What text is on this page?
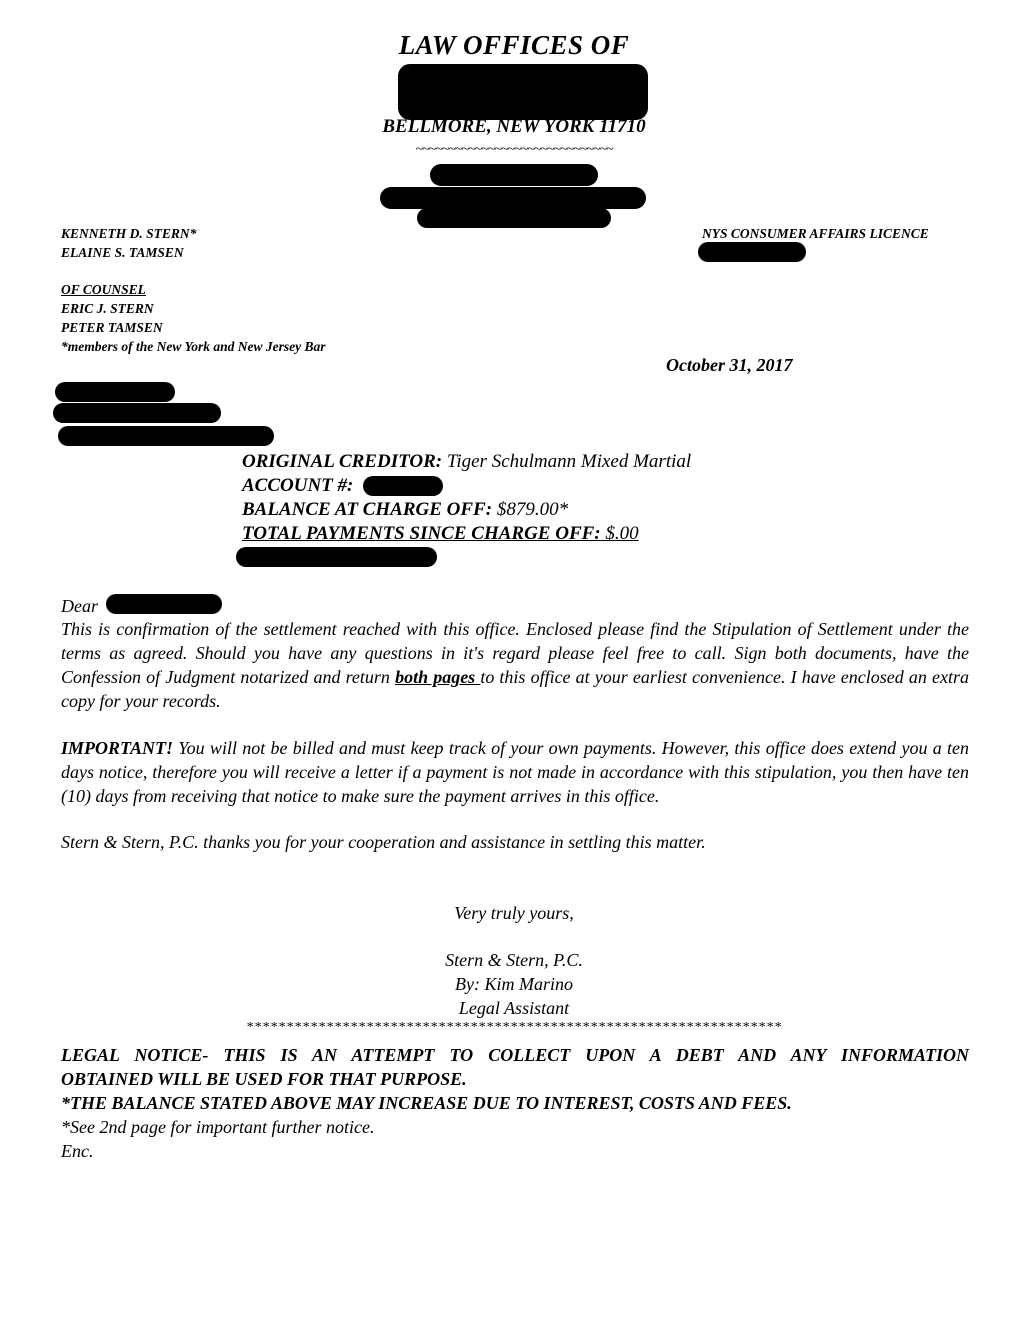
LAW OFFICES OF
BELLMORE, NEW YORK 11710
~~~~~~~~~~~~~~~~~~~~~~~~~~~~~~
KENNETH D. STERN*
ELAINE S. TAMSEN
OF COUNSEL
ERIC J. STERN
PETER TAMSEN
*members of the New York and New Jersey Bar
NYS CONSUMER AFFAIRS LICENCE
October 31, 2017
ORIGINAL CREDITOR: Tiger Schulmann Mixed Martial
ACCOUNT #:
BALANCE AT CHARGE OFF: $879.00*
TOTAL PAYMENTS SINCE CHARGE OFF: $.00
Dear
This is confirmation of the settlement reached with this office. Enclosed please find the Stipulation of Settlement under the terms as agreed. Should you have any questions in it's regard please feel free to call. Sign both documents, have the Confession of Judgment notarized and return both pages to this office at your earliest convenience. I have enclosed an extra copy for your records.
IMPORTANT! You will not be billed and must keep track of your own payments. However, this office does extend you a ten days notice, therefore you will receive a letter if a payment is not made in accordance with this stipulation, you then have ten (10) days from receiving that notice to make sure the payment arrives in this office.
Stern & Stern, P.C. thanks you for your cooperation and assistance in settling this matter.
Very truly yours,
Stern & Stern, P.C.
By: Kim Marino
Legal Assistant
*******************************************************************
LEGAL NOTICE- THIS IS AN ATTEMPT TO COLLECT UPON A DEBT AND ANY INFORMATION
OBTAINED WILL BE USED FOR THAT PURPOSE.
*THE BALANCE STATED ABOVE MAY INCREASE DUE TO INTEREST, COSTS AND FEES.
*See 2nd page for important further notice.
Enc.
